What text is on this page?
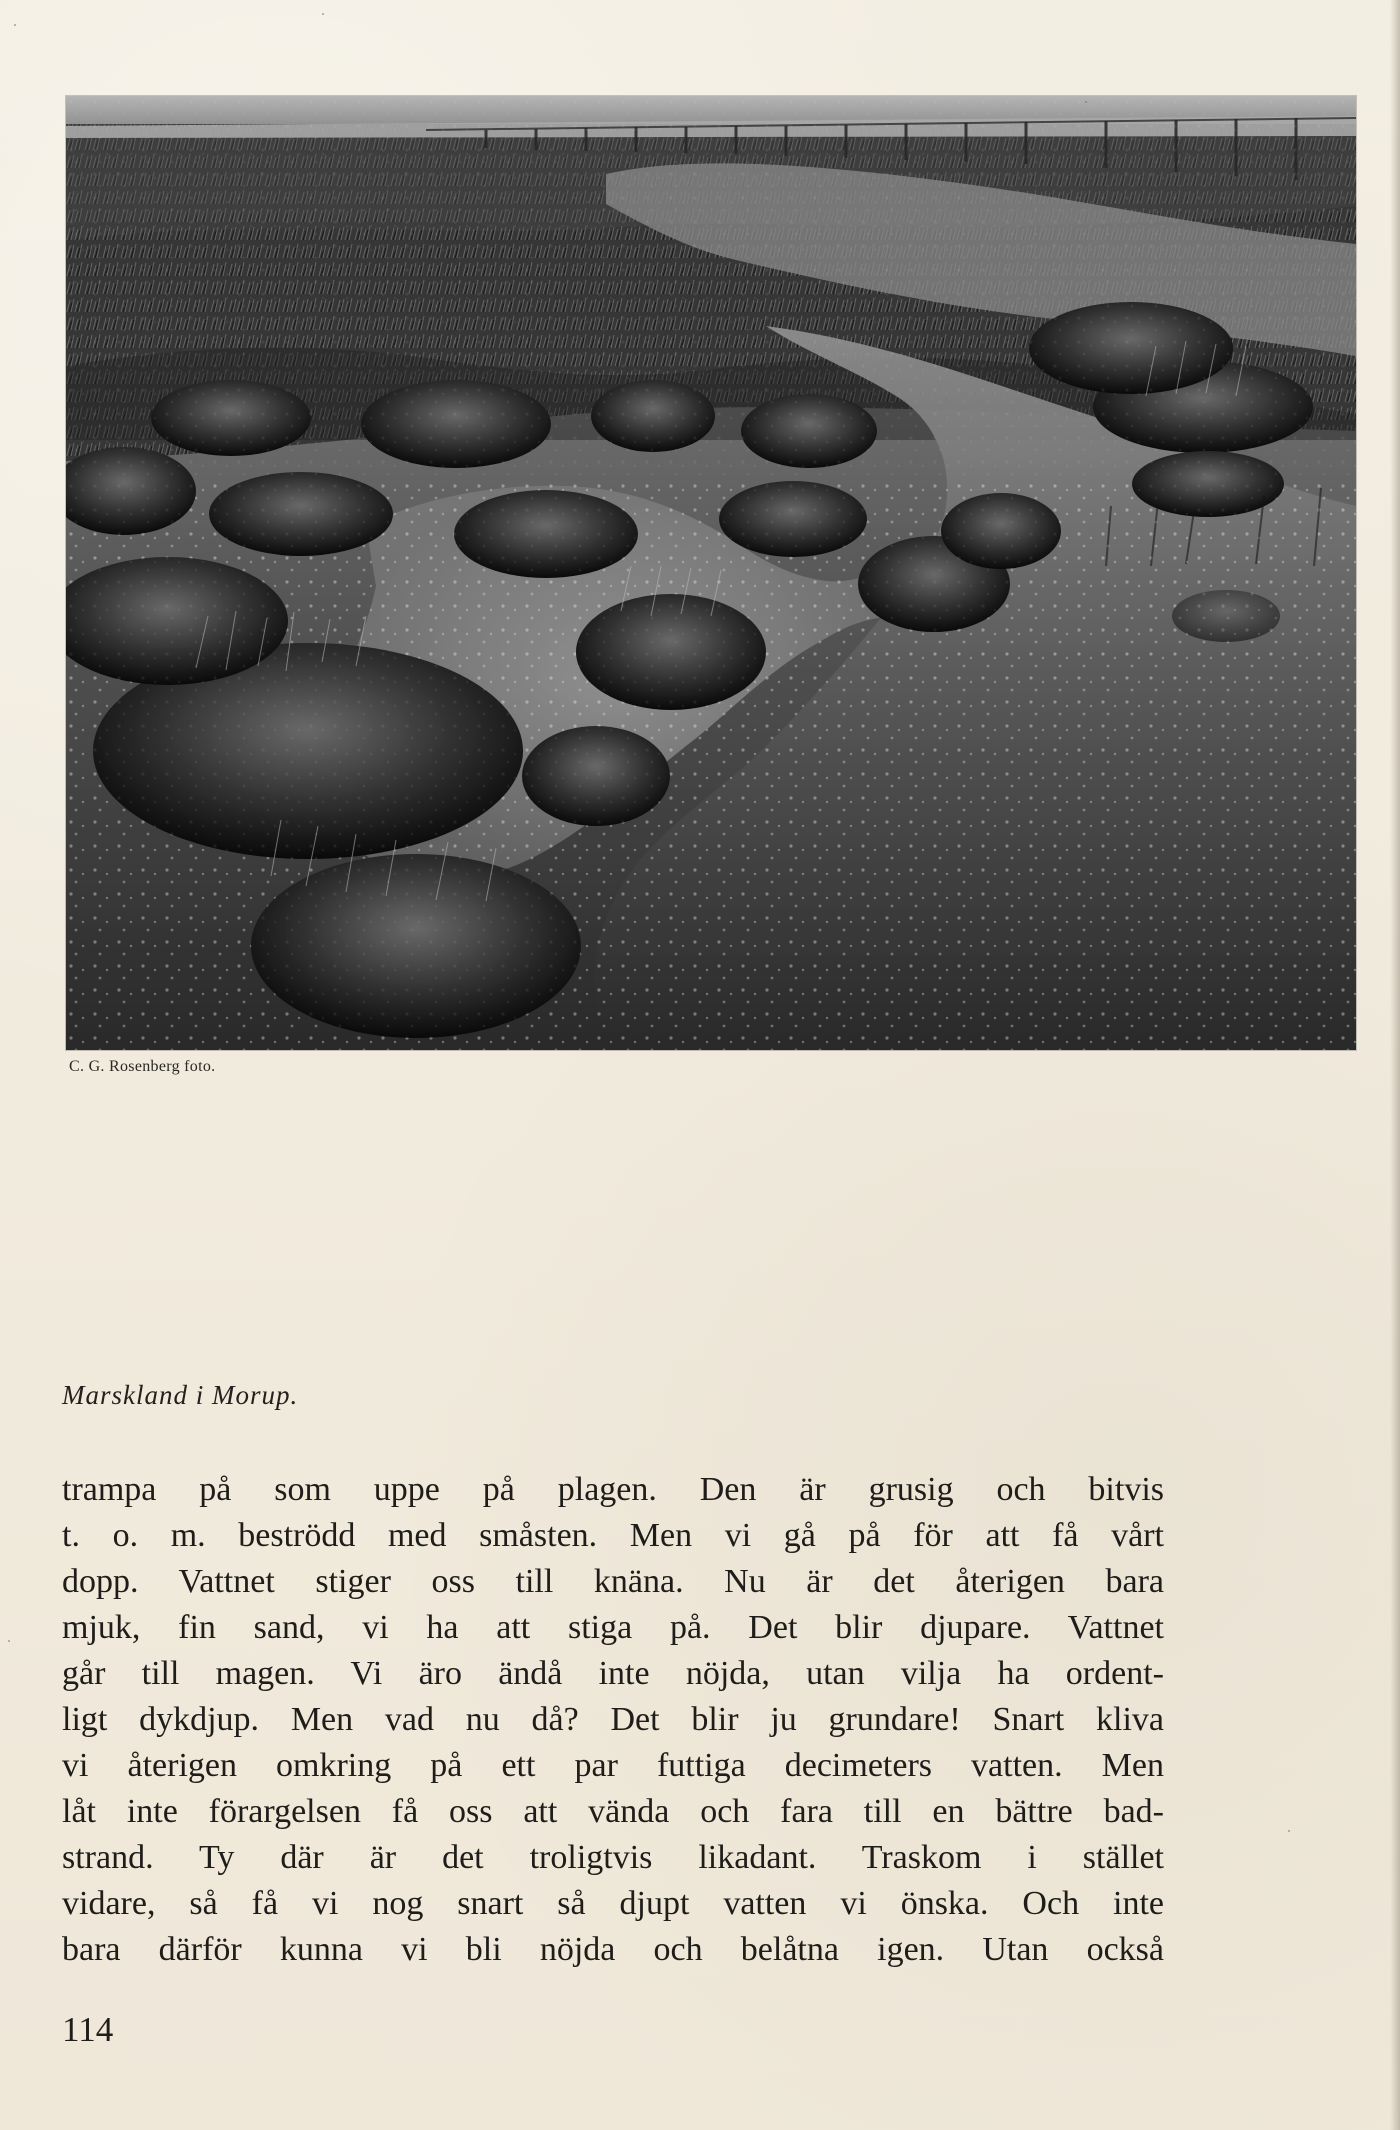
C. G. Rosenberg foto.
Marskland i Morup.
trampa på som uppe på plagen. Den är grusig och bitvis
t. o. m. beströdd med småsten. Men vi gå på för att få vårt
dopp. Vattnet stiger oss till knäna. Nu är det återigen bara
mjuk, fin sand, vi ha att stiga på. Det blir djupare. Vattnet
går till magen. Vi äro ändå inte nöjda, utan vilja ha ordent-
ligt dykdjup. Men vad nu då? Det blir ju grundare! Snart kliva
vi återigen omkring på ett par futtiga decimeters vatten. Men
låt inte förargelsen få oss att vända och fara till en bättre bad-
strand. Ty där är det troligtvis likadant. Traskom i stället
vidare, så få vi nog snart så djupt vatten vi önska. Och inte
bara därför kunna vi bli nöjda och belåtna igen. Utan också
114
